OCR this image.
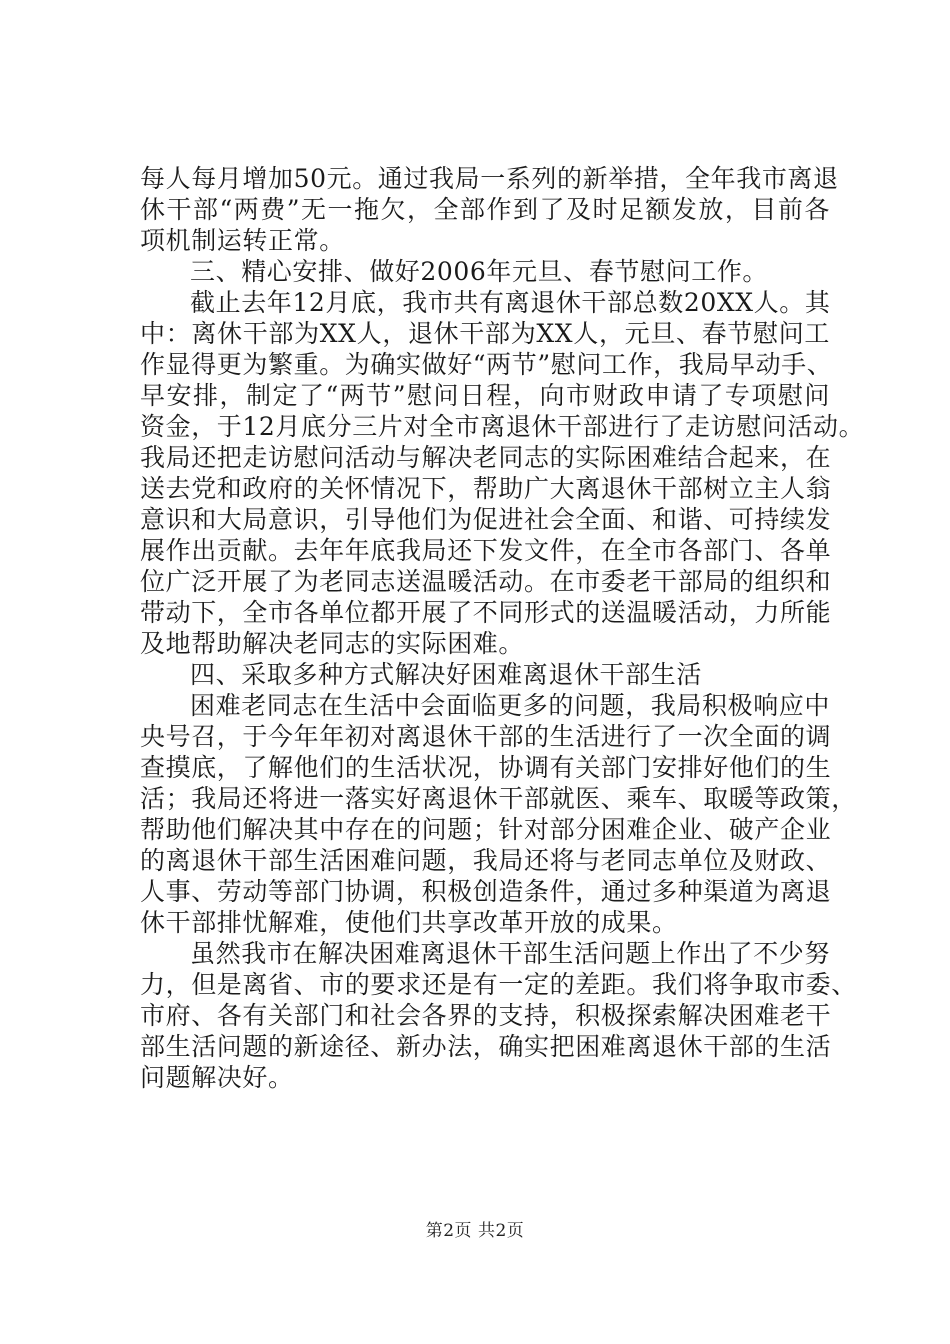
每人每月增加50元。通过我局一系列的新举措，全年我市离退
休干部“两费”无一拖欠，全部作到了及时足额发放，目前各
项机制运转正常。
三、精心安排、做好2006年元旦、春节慰问工作。
截止去年12月底，我市共有离退休干部总数20XX人。其
中：离休干部为XX人，退休干部为XX人，元旦、春节慰问工
作显得更为繁重。为确实做好“两节”慰问工作，我局早动手、
早安排，制定了“两节”慰问日程，向市财政申请了专项慰问
资金，于12月底分三片对全市离退休干部进行了走访慰问活动。
我局还把走访慰问活动与解决老同志的实际困难结合起来，在
送去党和政府的关怀情况下，帮助广大离退休干部树立主人翁
意识和大局意识，引导他们为促进社会全面、和谐、可持续发
展作出贡献。去年年底我局还下发文件，在全市各部门、各单
位广泛开展了为老同志送温暖活动。在市委老干部局的组织和
带动下，全市各单位都开展了不同形式的送温暖活动，力所能
及地帮助解决老同志的实际困难。
四、采取多种方式解决好困难离退休干部生活
困难老同志在生活中会面临更多的问题，我局积极响应中
央号召，于今年年初对离退休干部的生活进行了一次全面的调
查摸底，了解他们的生活状况，协调有关部门安排好他们的生
活；我局还将进一落实好离退休干部就医、乘车、取暖等政策，
帮助他们解决其中存在的问题；针对部分困难企业、破产企业
的离退休干部生活困难问题，我局还将与老同志单位及财政、
人事、劳动等部门协调，积极创造条件，通过多种渠道为离退
休干部排忧解难，使他们共享改革开放的成果。
虽然我市在解决困难离退休干部生活问题上作出了不少努
力，但是离省、市的要求还是有一定的差距。我们将争取市委、
市府、各有关部门和社会各界的支持，积极探索解决困难老干
部生活问题的新途径、新办法，确实把困难离退休干部的生活
问题解决好。
第2页 共2页
